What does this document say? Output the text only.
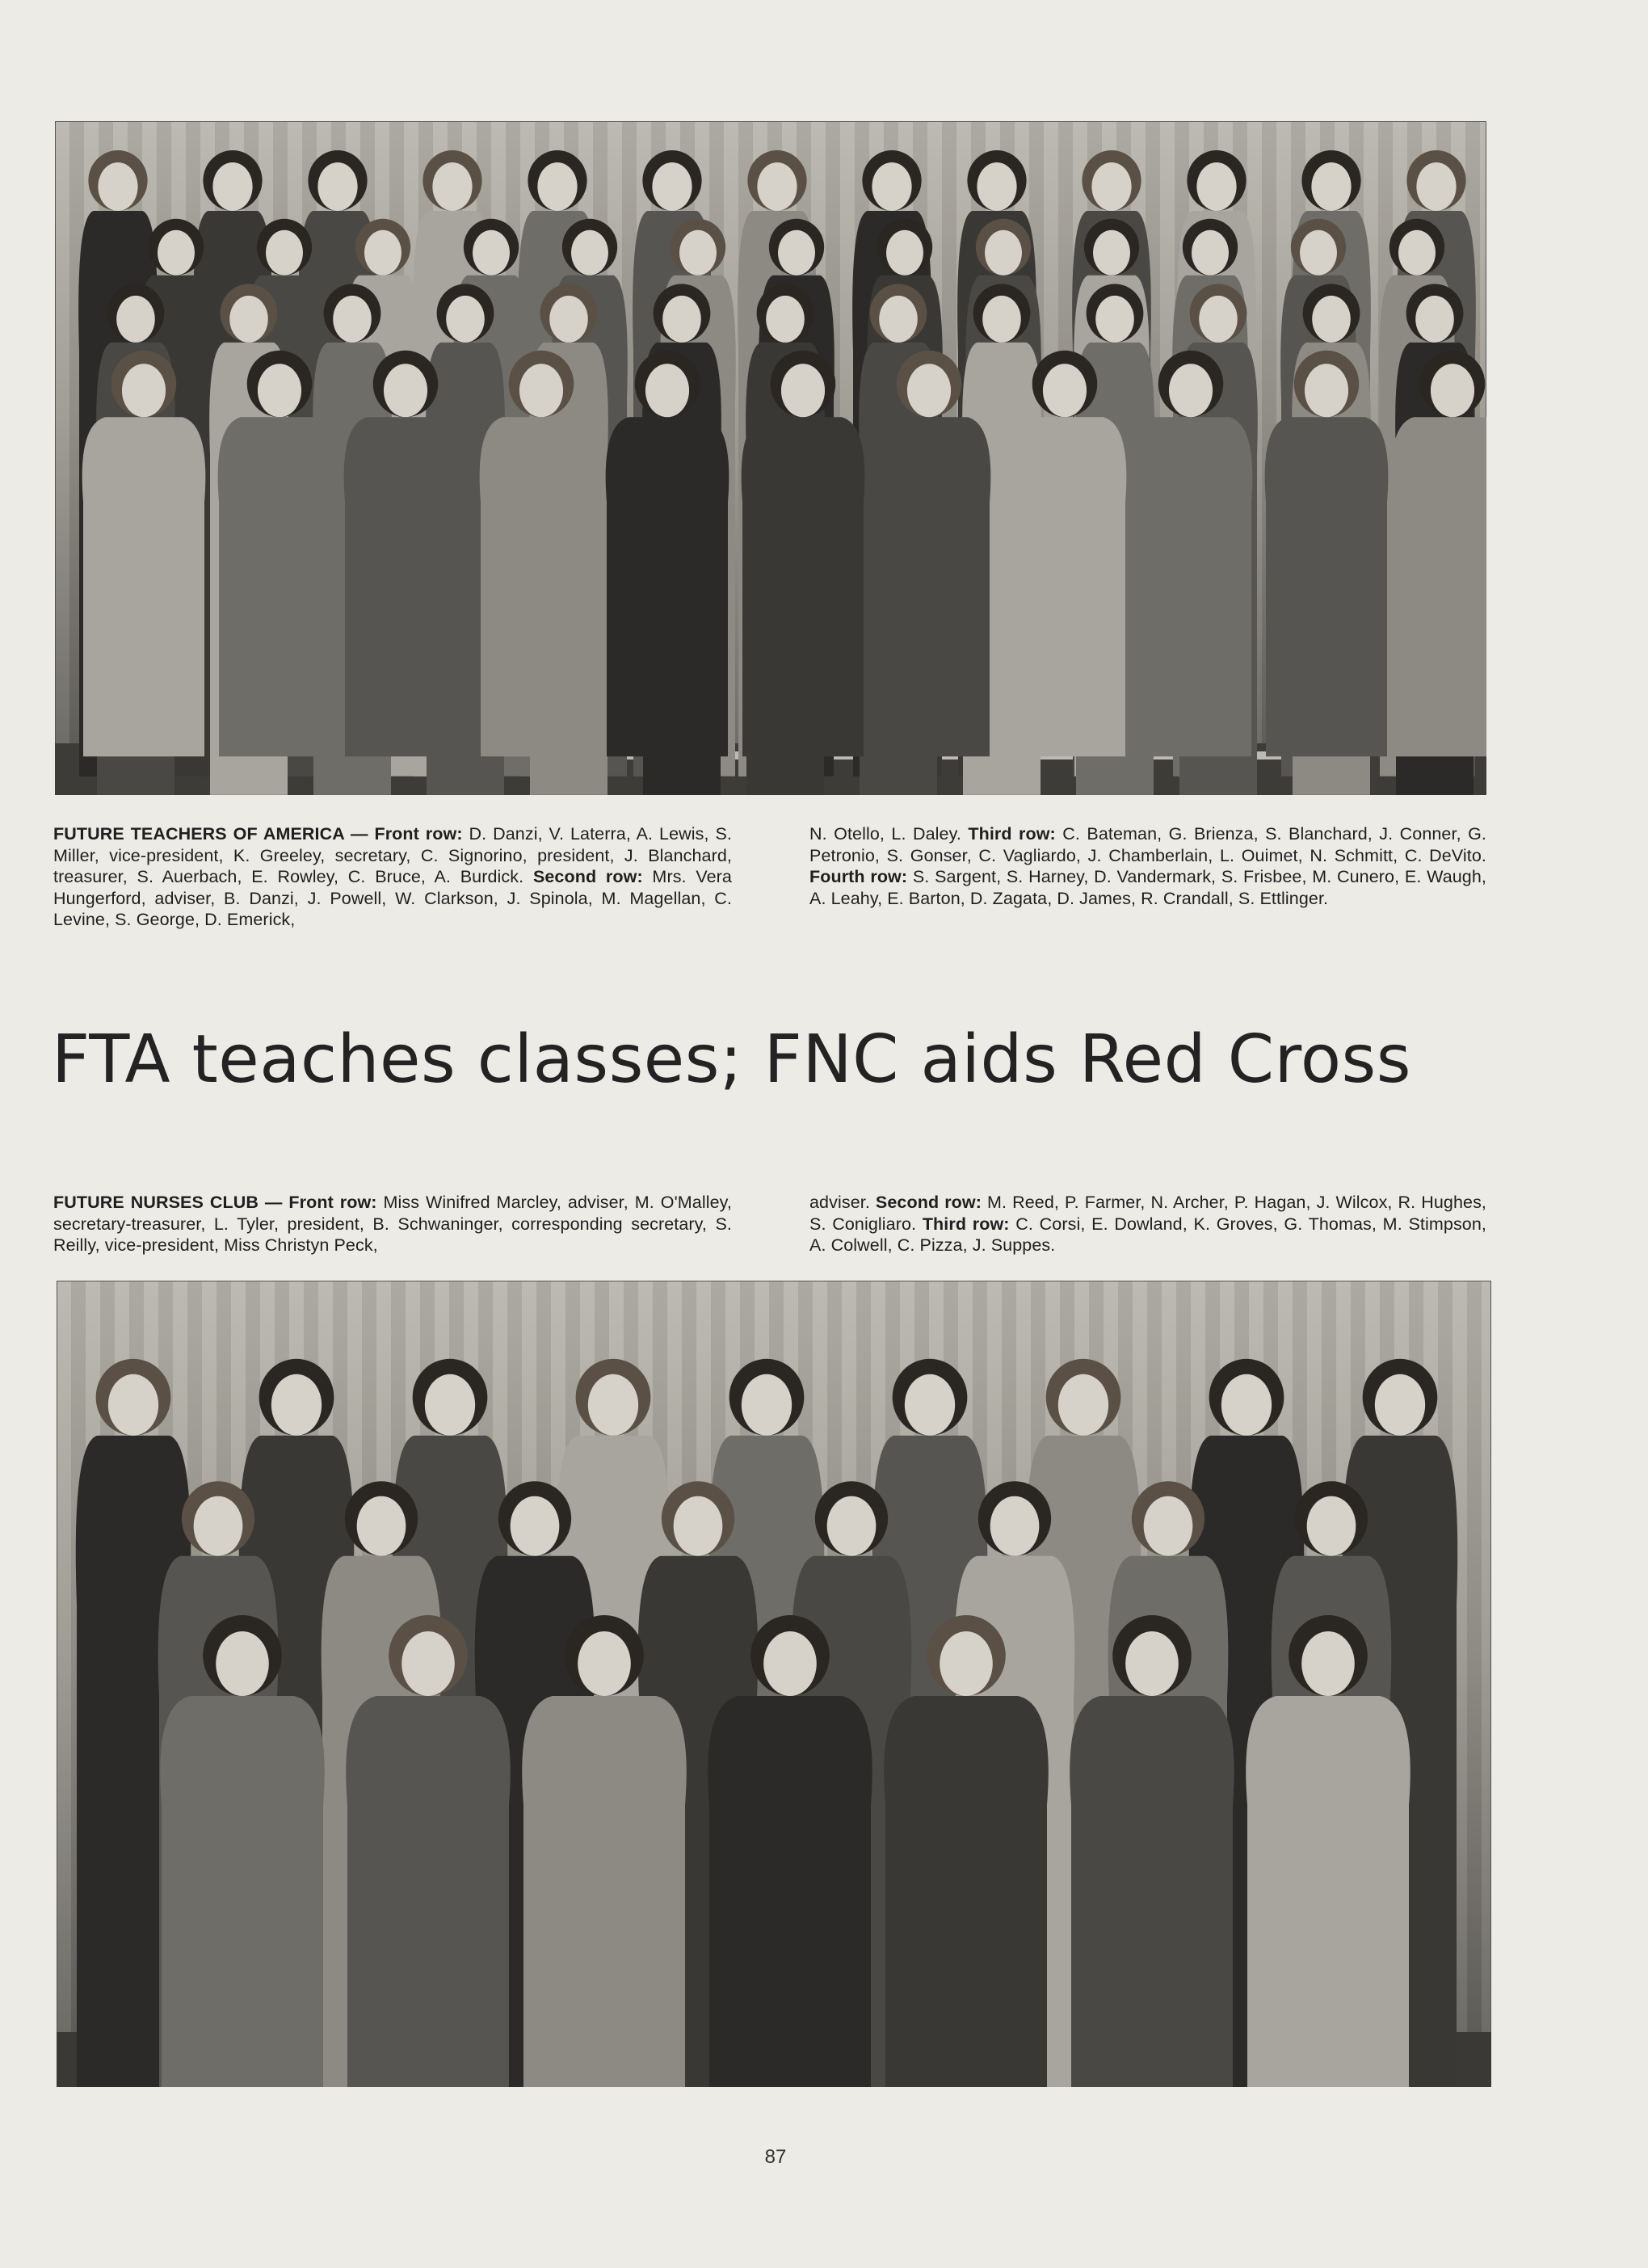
FUTURE TEACHERS OF AMERICA — Front row: D. Danzi, V. Laterra, A. Lewis, S. Miller, vice-president, K. Greeley, secretary, C. Signorino, president, J. Blanchard, treasurer, S. Auerbach, E. Rowley, C. Bruce, A. Burdick. Second row: Mrs. Vera Hungerford, adviser, B. Danzi, J. Powell, W. Clarkson, J. Spinola, M. Magellan, C. Levine, S. George, D. Emerick,
N. Otello, L. Daley. Third row: C. Bateman, G. Brienza, S. Blanchard, J. Conner, G. Petronio, S. Gonser, C. Vagliardo, J. Chamberlain, L. Ouimet, N. Schmitt, C. DeVito. Fourth row: S. Sargent, S. Harney, D. Vandermark, S. Frisbee, M. Cunero, E. Waugh, A. Leahy, E. Barton, D. Zagata, D. James, R. Crandall, S. Ettlinger.
FTA teaches classes; FNC aids Red Cross
FUTURE NURSES CLUB — Front row: Miss Winifred Marcley, adviser, M. O'Malley, secretary-treasurer, L. Tyler, president, B. Schwaninger, corresponding secretary, S. Reilly, vice-president, Miss Christyn Peck,
adviser. Second row: M. Reed, P. Farmer, N. Archer, P. Hagan, J. Wilcox, R. Hughes, S. Conigliaro. Third row: C. Corsi, E. Dowland, K. Groves, G. Thomas, M. Stimpson, A. Colwell, C. Pizza, J. Suppes.
87
